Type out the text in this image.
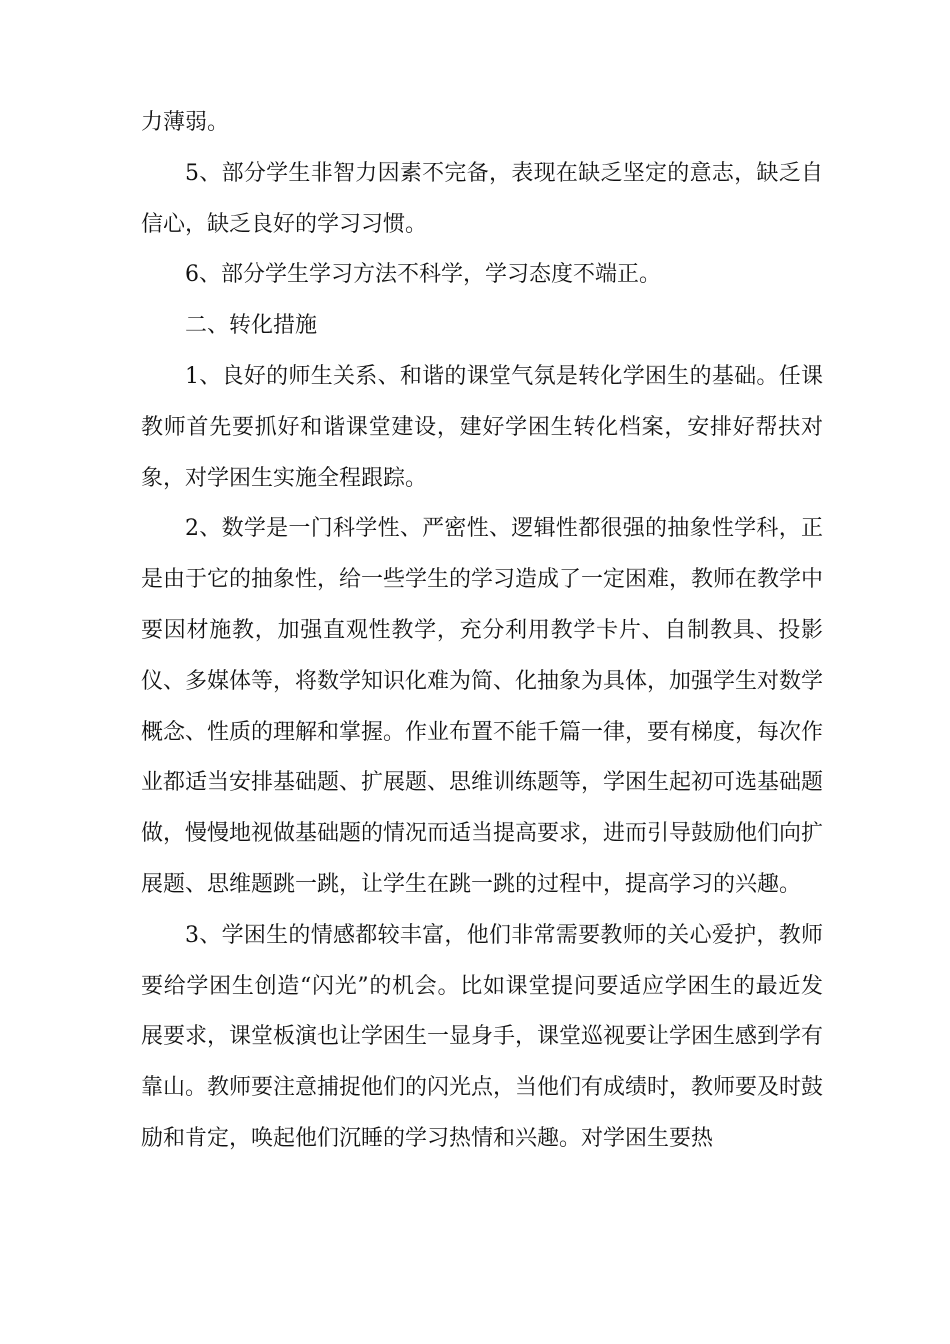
力薄弱。

5、部分学生非智力因素不完备，表现在缺乏坚定的意志，缺乏自信心，缺乏良好的学习习惯。

6、部分学生学习方法不科学，学习态度不端正。

二、转化措施

1、良好的师生关系、和谐的课堂气氛是转化学困生的基础。任课教师首先要抓好和谐课堂建设，建好学困生转化档案，安排好帮扶对象，对学困生实施全程跟踪。

2、数学是一门科学性、严密性、逻辑性都很强的抽象性学科，正是由于它的抽象性，给一些学生的学习造成了一定困难，教师在教学中要因材施教，加强直观性教学，充分利用教学卡片、自制教具、投影仪、多媒体等，将数学知识化难为简、化抽象为具体，加强学生对数学概念、性质的理解和掌握。作业布置不能千篇一律，要有梯度，每次作业都适当安排基础题、扩展题、思维训练题等，学困生起初可选基础题做，慢慢地视做基础题的情况而适当提高要求，进而引导鼓励他们向扩展题、思维题跳一跳，让学生在跳一跳的过程中，提高学习的兴趣。

3、学困生的情感都较丰富，他们非常需要教师的关心爱护，教师要给学困生创造“闪光”的机会。比如课堂提问要适应学困生的最近发展要求，课堂板演也让学困生一显身手，课堂巡视要让学困生感到学有靠山。教师要注意捕捉他们的闪光点，当他们有成绩时，教师要及时鼓励和肯定，唤起他们沉睡的学习热情和兴趣。对学困生要热
